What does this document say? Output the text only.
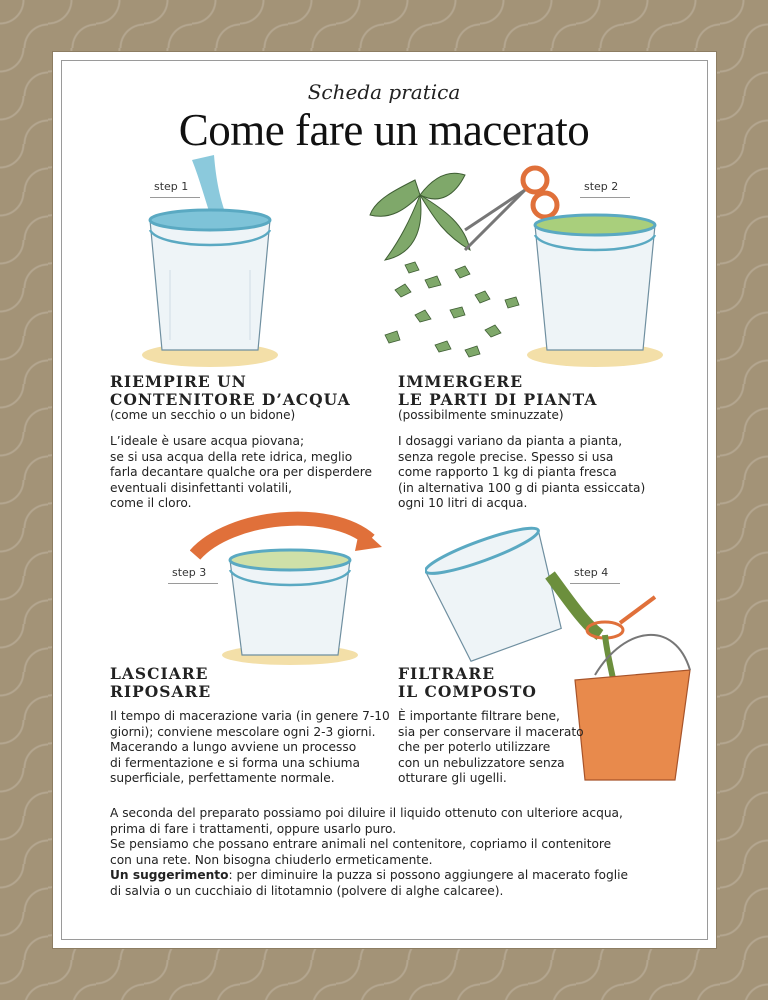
Scheda pratica
Come fare un macerato
step 1	step 2
step 3	step 4
RIEMPIRE UN
CONTENITORE D’ACQUA
(come un secchio o un bidone)
L’ideale è usare acqua piovana;
se si usa acqua della rete idrica, meglio
farla decantare qualche ora per disperdere
eventuali disinfettanti volatili,
come il cloro.
IMMERGERE
LE PARTI DI PIANTA
(possibilmente sminuzzate)
I dosaggi variano da pianta a pianta,
senza regole precise. Spesso si usa
come rapporto 1 kg di pianta fresca
(in alternativa 100 g di pianta essiccata)
ogni 10 litri di acqua.
LASCIARE
RIPOSARE
Il tempo di macerazione varia (in genere 7-10
giorni); conviene mescolare ogni 2-3 giorni.
Macerando a lungo avviene un processo
di fermentazione e si forma una schiuma
superficiale, perfettamente normale.
FILTRARE
IL COMPOSTO
È importante filtrare bene,
sia per conservare il macerato
che per poterlo utilizzare
con un nebulizzatore senza
otturare gli ugelli.
A seconda del preparato possiamo poi diluire il liquido ottenuto con ulteriore acqua,
prima di fare i trattamenti, oppure usarlo puro.
Se pensiamo che possano entrare animali nel contenitore, copriamo il contenitore
con una rete. Non bisogna chiuderlo ermeticamente.
Un suggerimento: per diminuire la puzza si possono aggiungere al macerato foglie
di salvia o un cucchiaio di litotamnio (polvere di alghe calcaree).
